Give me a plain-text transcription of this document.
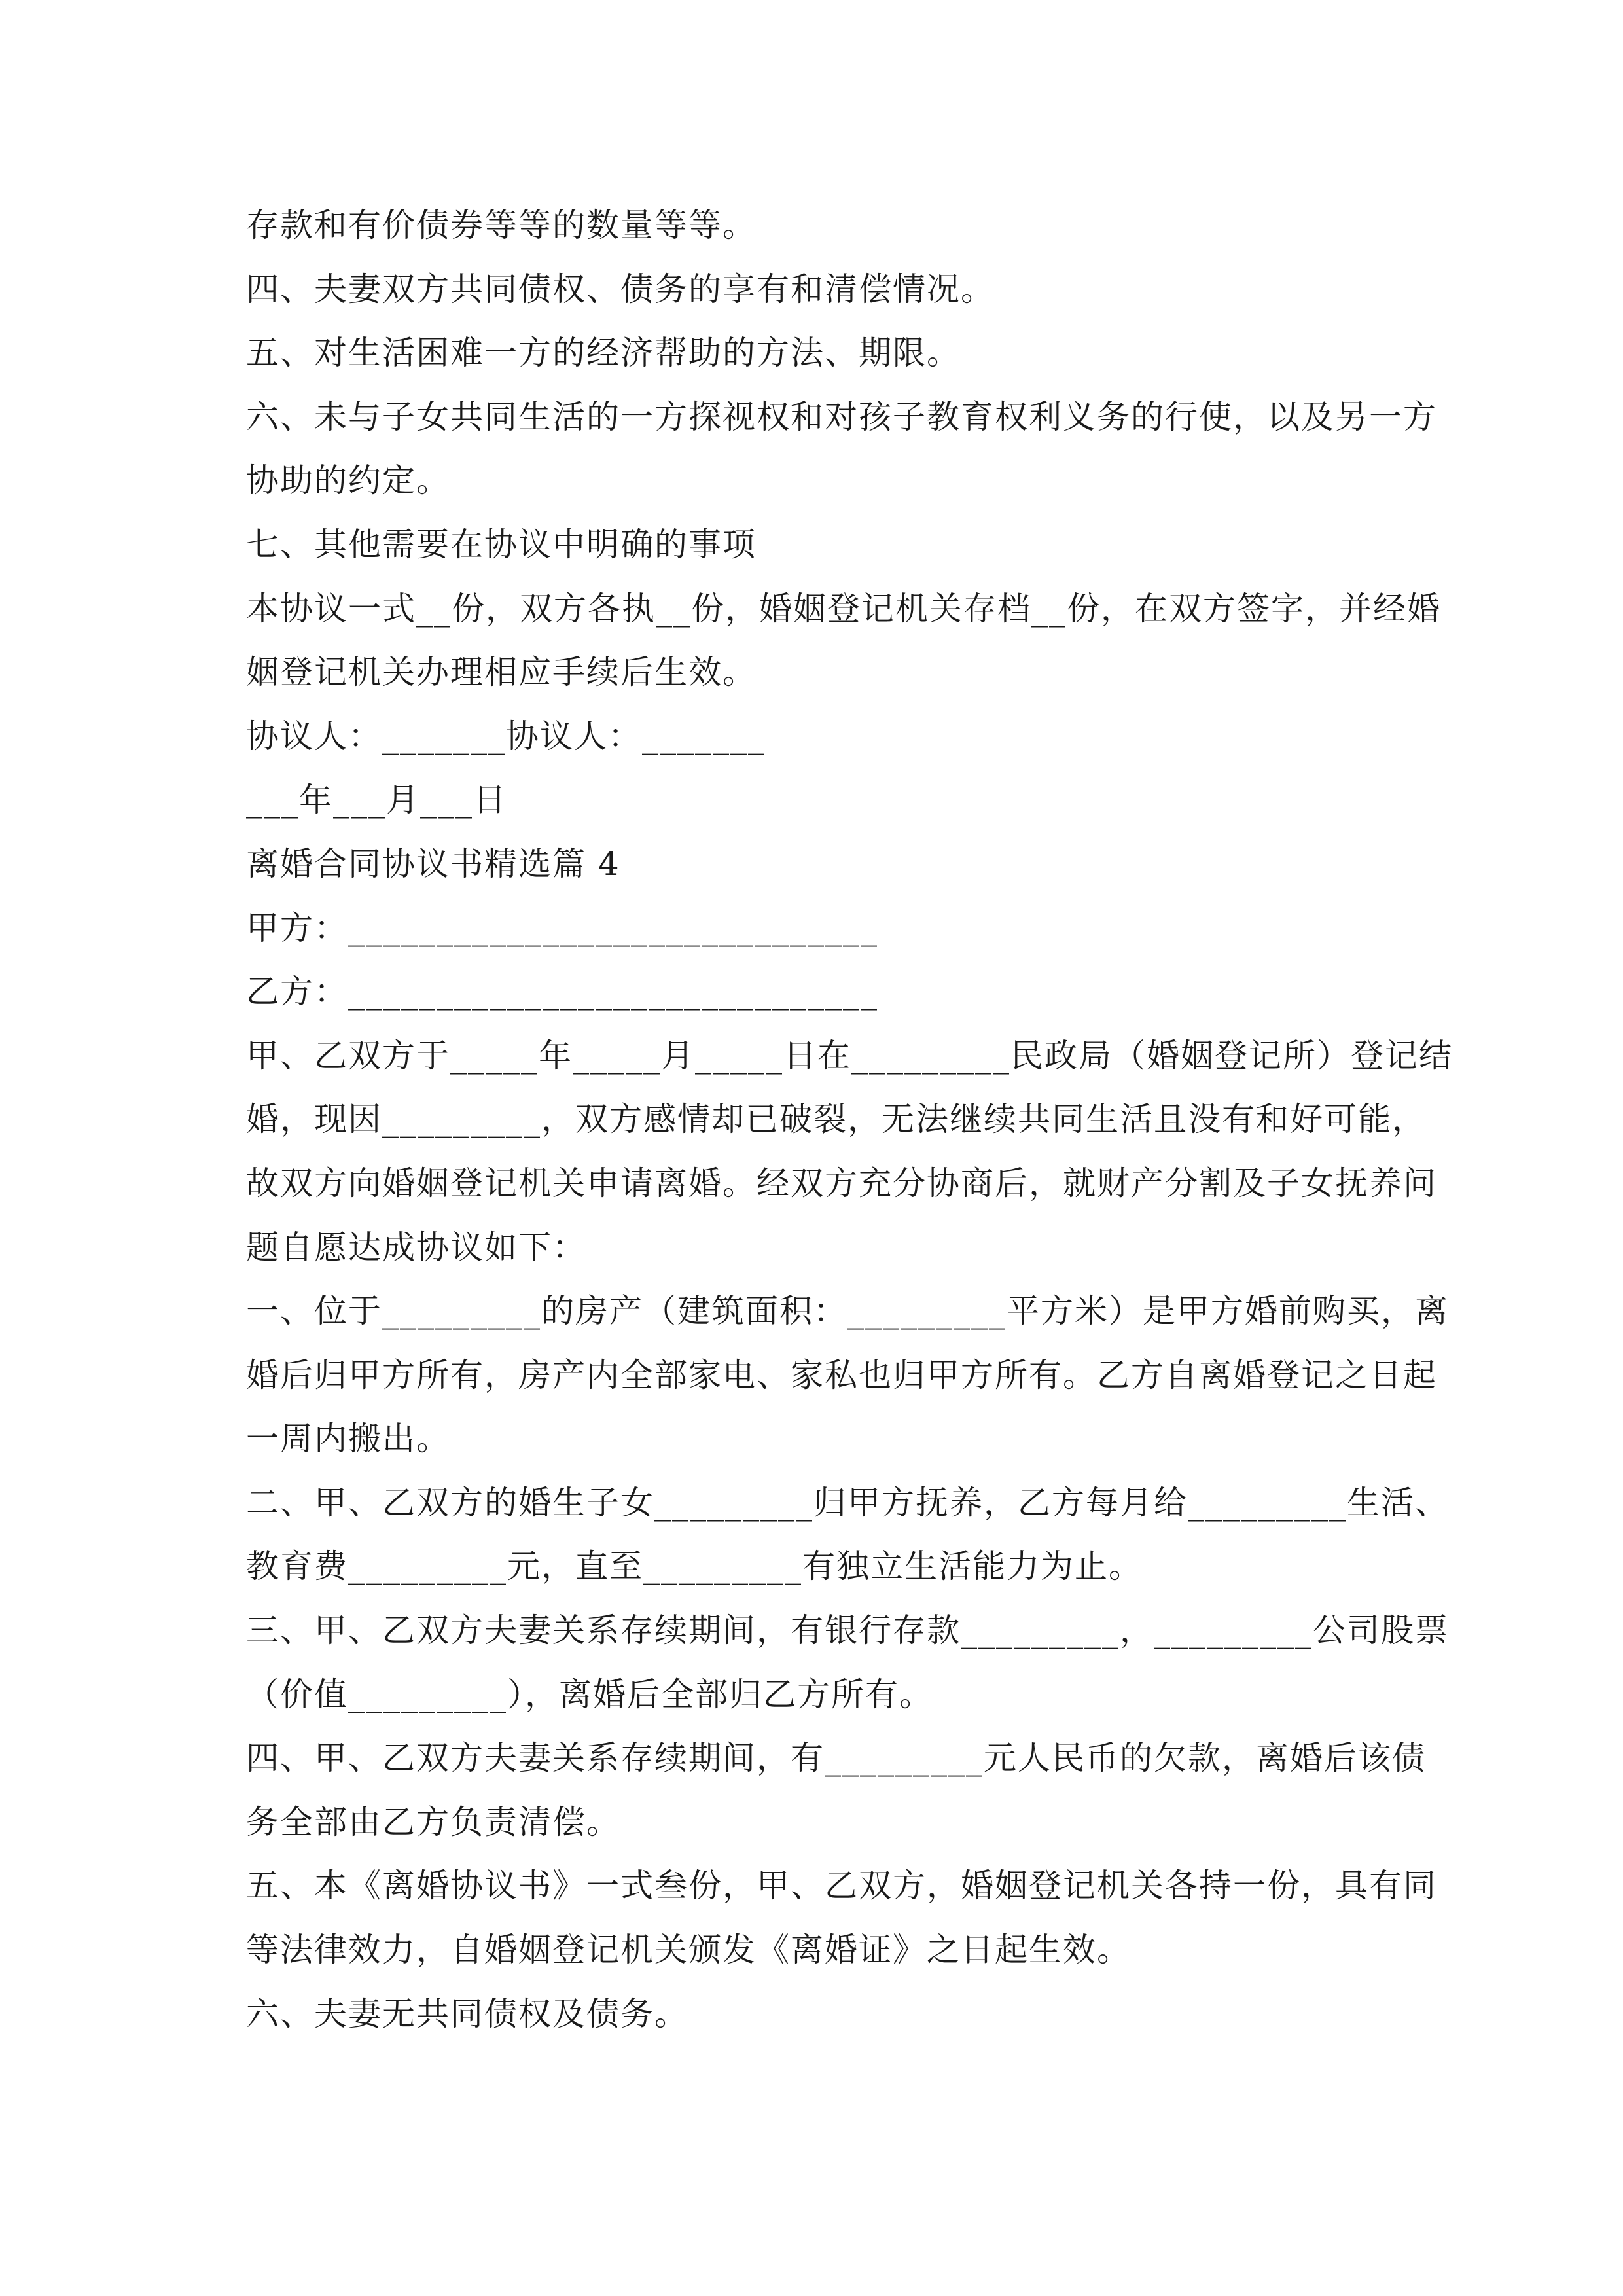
存款和有价债券等等的数量等等。
四、夫妻双方共同债权、债务的享有和清偿情况。
五、对生活困难一方的经济帮助的方法、期限。
六、未与子女共同生活的一方探视权和对孩子教育权利义务的行使，以及另一方
协助的约定。
七、其他需要在协议中明确的事项
本协议一式__份，双方各执__份，婚姻登记机关存档__份，在双方签字，并经婚
姻登记机关办理相应手续后生效。
协议人：_______协议人：_______
___年___月___日
离婚合同协议书精选篇 4
甲方：______________________________
乙方：______________________________
甲、乙双方于_____年_____月_____日在_________民政局（婚姻登记所）登记结
婚，现因_________，双方感情却已破裂，无法继续共同生活且没有和好可能，
故双方向婚姻登记机关申请离婚。经双方充分协商后，就财产分割及子女抚养问
题自愿达成协议如下：
一、位于_________的房产（建筑面积：_________平方米）是甲方婚前购买，离
婚后归甲方所有，房产内全部家电、家私也归甲方所有。乙方自离婚登记之日起
一周内搬出。
二、甲、乙双方的婚生子女_________归甲方抚养，乙方每月给_________生活、
教育费_________元，直至_________有独立生活能力为止。
三、甲、乙双方夫妻关系存续期间，有银行存款_________，_________公司股票
（价值_________），离婚后全部归乙方所有。
四、甲、乙双方夫妻关系存续期间，有_________元人民币的欠款，离婚后该债
务全部由乙方负责清偿。
五、本《离婚协议书》一式叁份，甲、乙双方，婚姻登记机关各持一份，具有同
等法律效力，自婚姻登记机关颁发《离婚证》之日起生效。
六、夫妻无共同债权及债务。
